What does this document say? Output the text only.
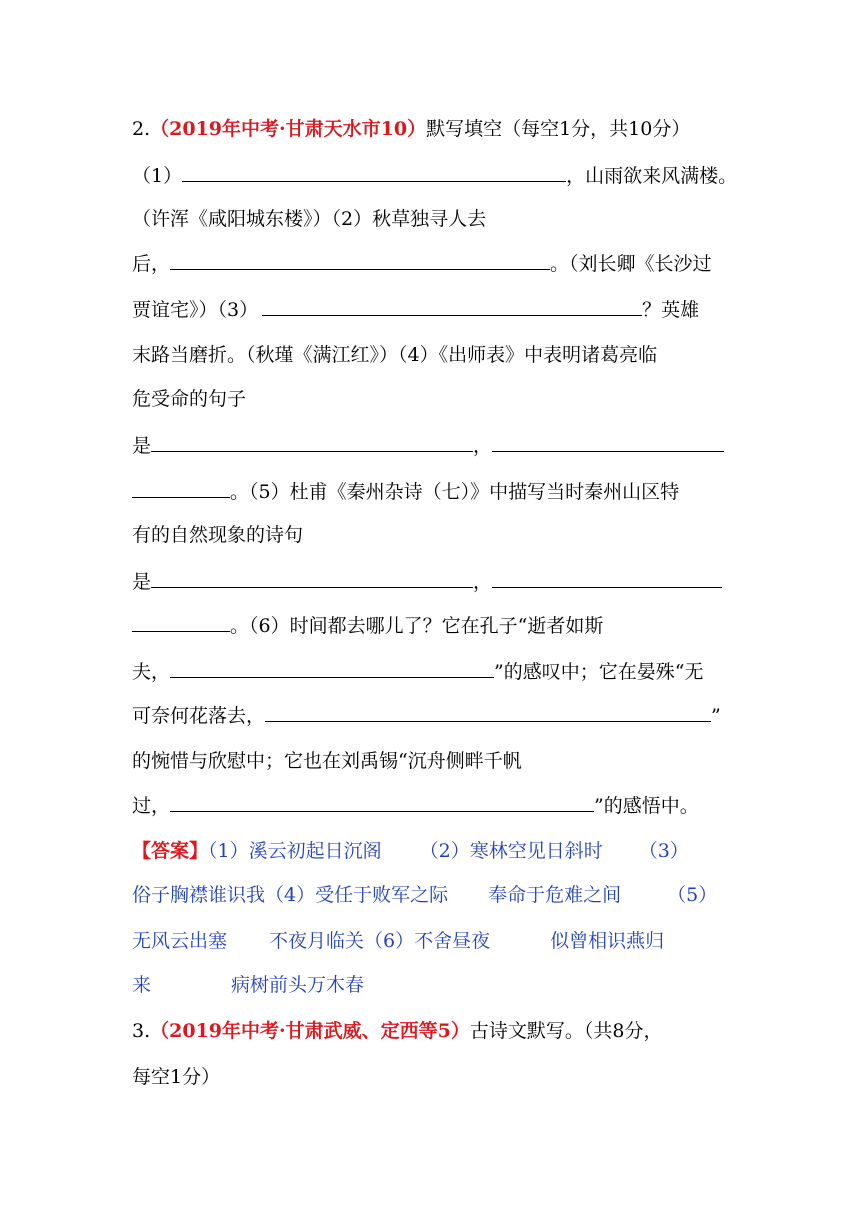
2.（2019年中考·甘肃天水市10）默写填空（每空1分，共10分）
（1）	，山雨欲来风满楼。
（许浑《咸阳城东楼》）（2）秋草独寻人去
后，	。（刘长卿《长沙过
贾谊宅》）（3）	？英雄
末路当磨折。（秋瑾《满江红》）（4）《出师表》中表明诸葛亮临
危受命的句子
是	，
。（5）杜甫《秦州杂诗（七）》中描写当时秦州山区特
有的自然现象的诗句
是	，
。（6）时间都去哪儿了？它在孔子“逝者如斯
夫，	”的感叹中；它在晏殊“无
可奈何花落去，	”
的惋惜与欣慰中；它也在刘禹锡“沉舟侧畔千帆
过，	”的感悟中。
【答案】（1）溪云初起日沉阁 （2）寒林空见日斜时 （3）
俗子胸襟谁识我（4）受任于败军之际 奉命于危难之间 （5）
无风云出塞 不夜月临关（6）不舍昼夜	似曾相识燕归
来	病树前头万木春
3.（2019年中考·甘肃武威、定西等5）古诗文默写。（共8分，
每空1分）
